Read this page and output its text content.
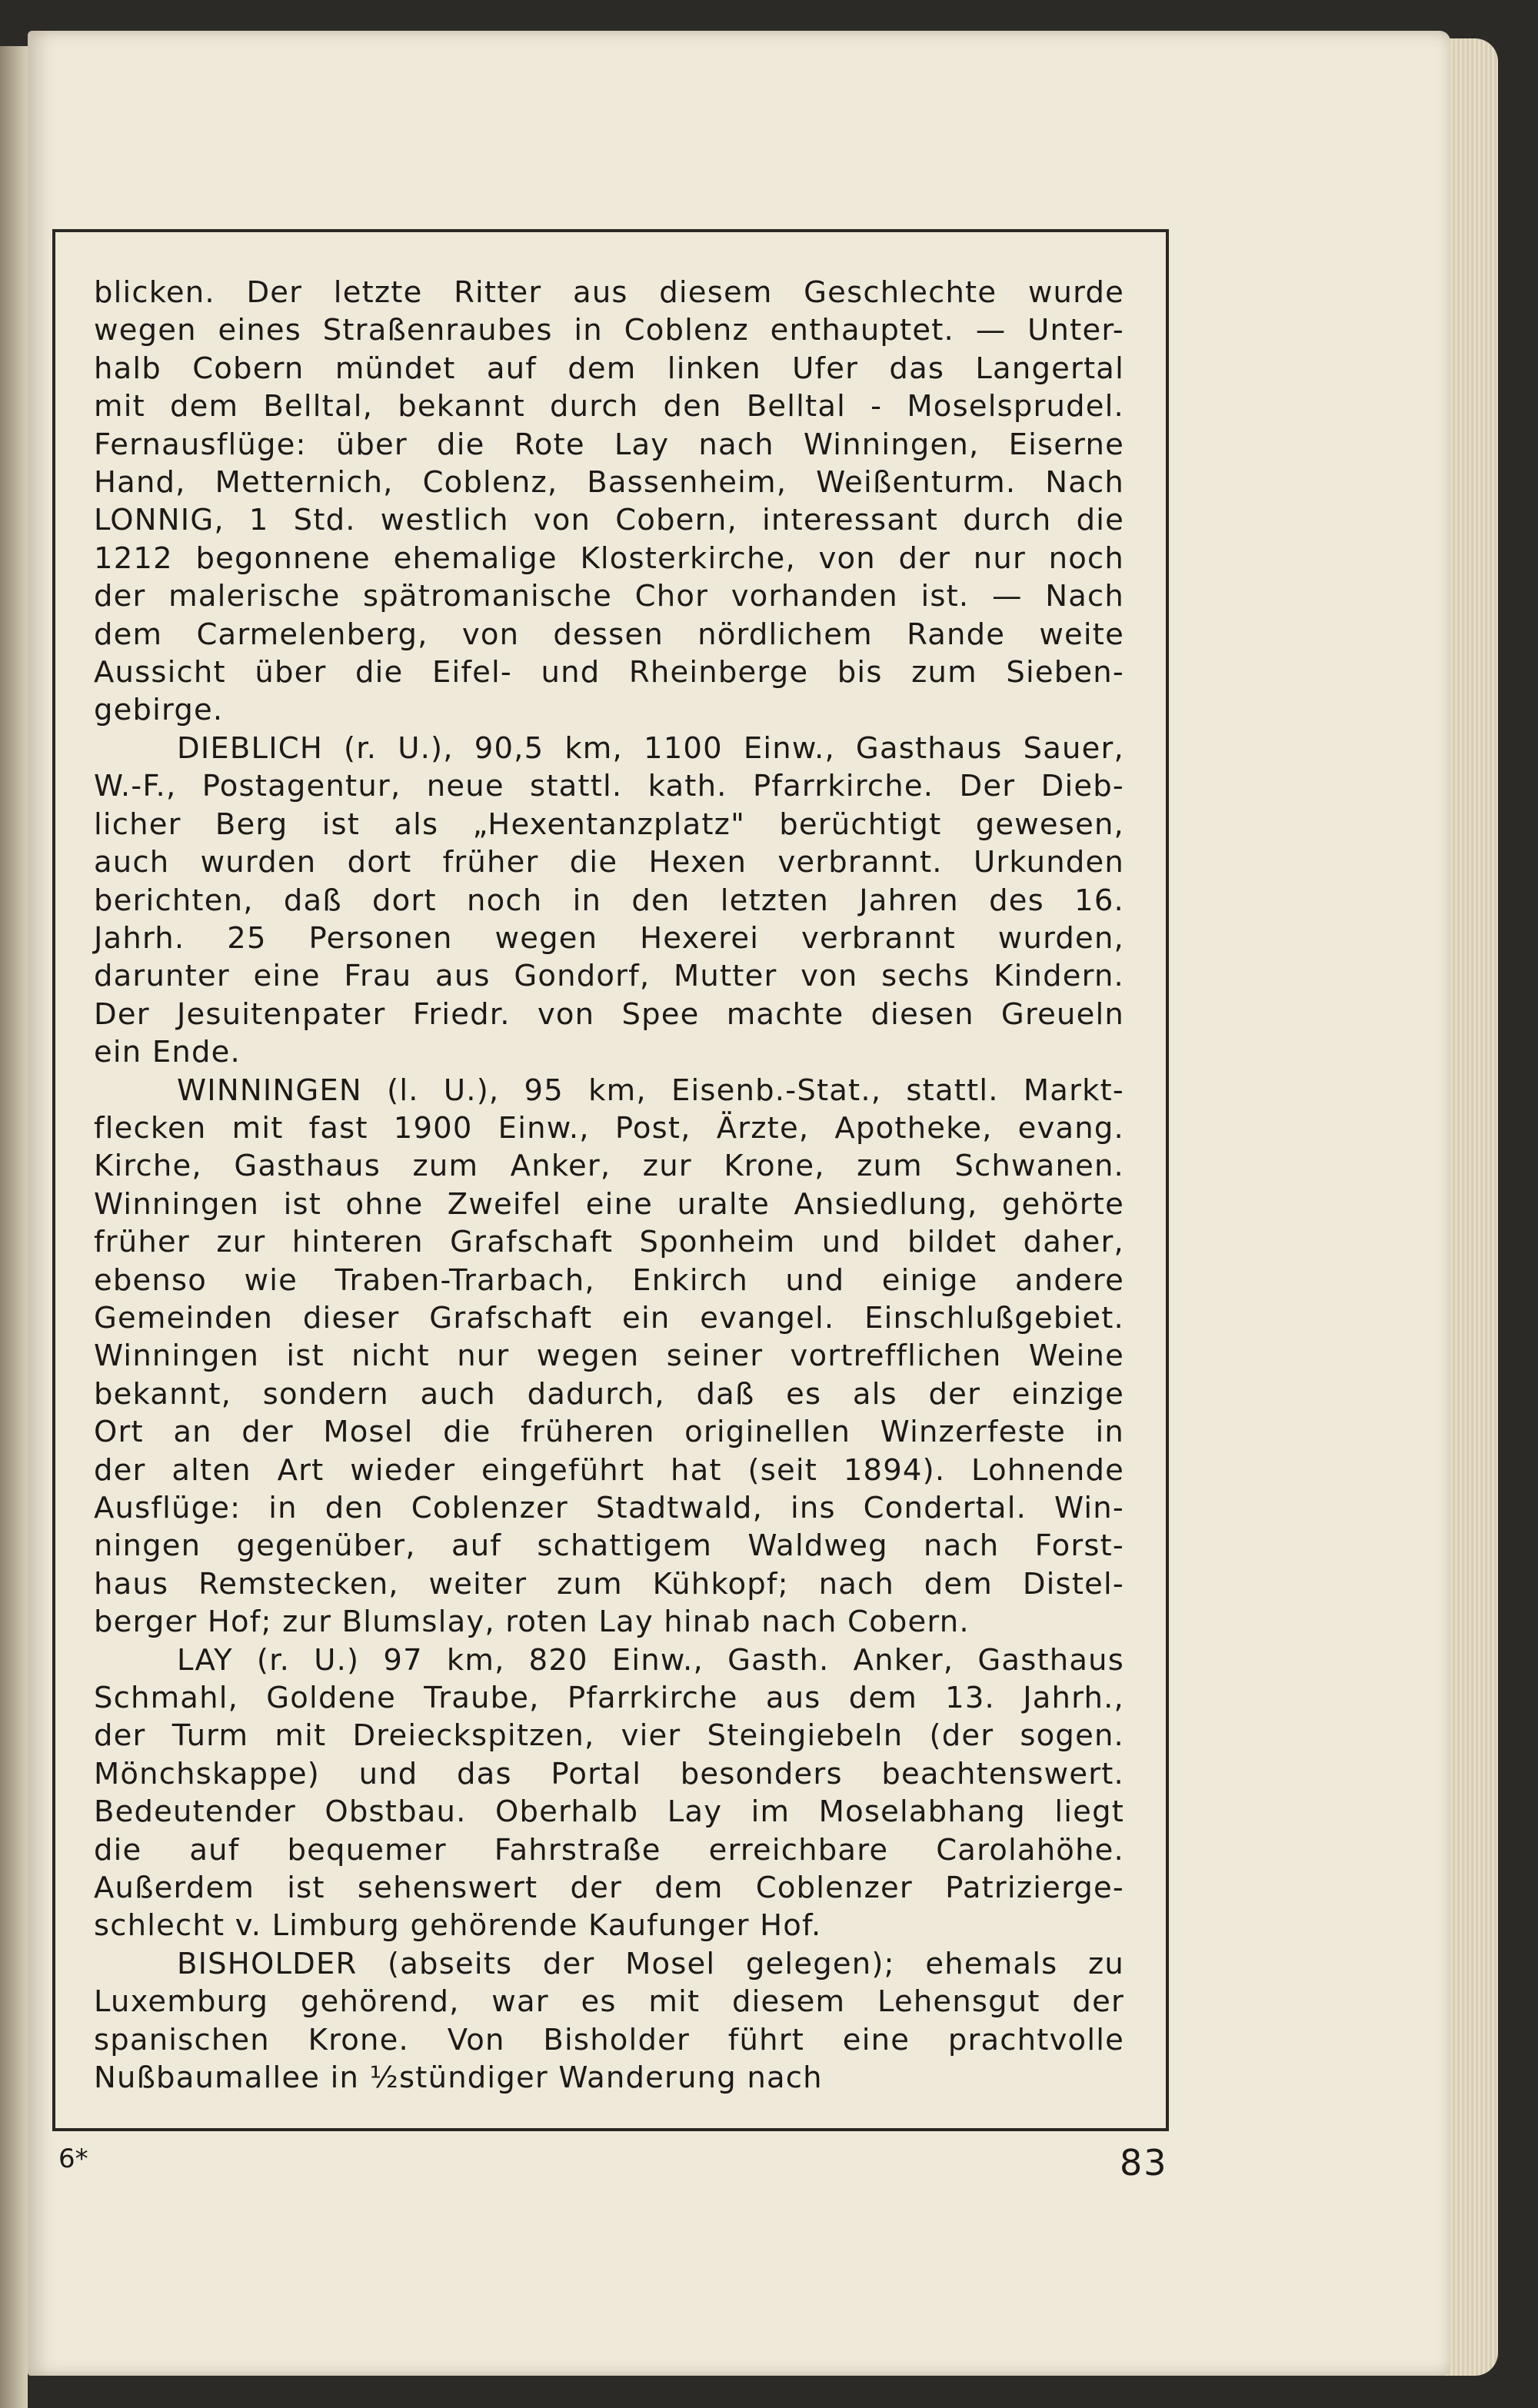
blicken. Der letzte Ritter aus diesem Geschlechte wurde
wegen eines Straßenraubes in Coblenz enthauptet. — Unter-
halb Cobern mündet auf dem linken Ufer das Langertal
mit dem Belltal, bekannt durch den Belltal - Moselsprudel.
Fernausflüge: über die Rote Lay nach Winningen, Eiserne
Hand, Metternich, Coblenz, Bassenheim, Weißenturm. Nach
LONNIG, 1 Std. westlich von Cobern, interessant durch die
1212 begonnene ehemalige Klosterkirche, von der nur noch
der malerische spätromanische Chor vorhanden ist. — Nach
dem Carmelenberg, von dessen nördlichem Rande weite
Aussicht über die Eifel- und Rheinberge bis zum Sieben-
gebirge.
DIEBLICH (r. U.), 90,5 km, 1100 Einw., Gasthaus Sauer,
W.-F., Postagentur, neue stattl. kath. Pfarrkirche. Der Dieb-
licher Berg ist als „Hexentanzplatz" berüchtigt gewesen,
auch wurden dort früher die Hexen verbrannt. Urkunden
berichten, daß dort noch in den letzten Jahren des 16.
Jahrh. 25 Personen wegen Hexerei verbrannt wurden,
darunter eine Frau aus Gondorf, Mutter von sechs Kindern.
Der Jesuitenpater Friedr. von Spee machte diesen Greueln
ein Ende.
WINNINGEN (l. U.), 95 km, Eisenb.-Stat., stattl. Markt-
flecken mit fast 1900 Einw., Post, Ärzte, Apotheke, evang.
Kirche, Gasthaus zum Anker, zur Krone, zum Schwanen.
Winningen ist ohne Zweifel eine uralte Ansiedlung, gehörte
früher zur hinteren Grafschaft Sponheim und bildet daher,
ebenso wie Traben-Trarbach, Enkirch und einige andere
Gemeinden dieser Grafschaft ein evangel. Einschlußgebiet.
Winningen ist nicht nur wegen seiner vortrefflichen Weine
bekannt, sondern auch dadurch, daß es als der einzige
Ort an der Mosel die früheren originellen Winzerfeste in
der alten Art wieder eingeführt hat (seit 1894). Lohnende
Ausflüge: in den Coblenzer Stadtwald, ins Condertal. Win-
ningen gegenüber, auf schattigem Waldweg nach Forst-
haus Remstecken, weiter zum Kühkopf; nach dem Distel-
berger Hof; zur Blumslay, roten Lay hinab nach Cobern.
LAY (r. U.) 97 km, 820 Einw., Gasth. Anker, Gasthaus
Schmahl, Goldene Traube, Pfarrkirche aus dem 13. Jahrh.,
der Turm mit Dreieckspitzen, vier Steingiebeln (der sogen.
Mönchskappe) und das Portal besonders beachtenswert.
Bedeutender Obstbau. Oberhalb Lay im Moselabhang liegt
die auf bequemer Fahrstraße erreichbare Carolahöhe.
Außerdem ist sehenswert der dem Coblenzer Patrizierge-
schlecht v. Limburg gehörende Kaufunger Hof.
BISHOLDER (abseits der Mosel gelegen); ehemals zu
Luxemburg gehörend, war es mit diesem Lehensgut der
spanischen Krone. Von Bisholder führt eine prachtvolle
Nußbaumallee in ½stündiger Wanderung nach
6*	83
